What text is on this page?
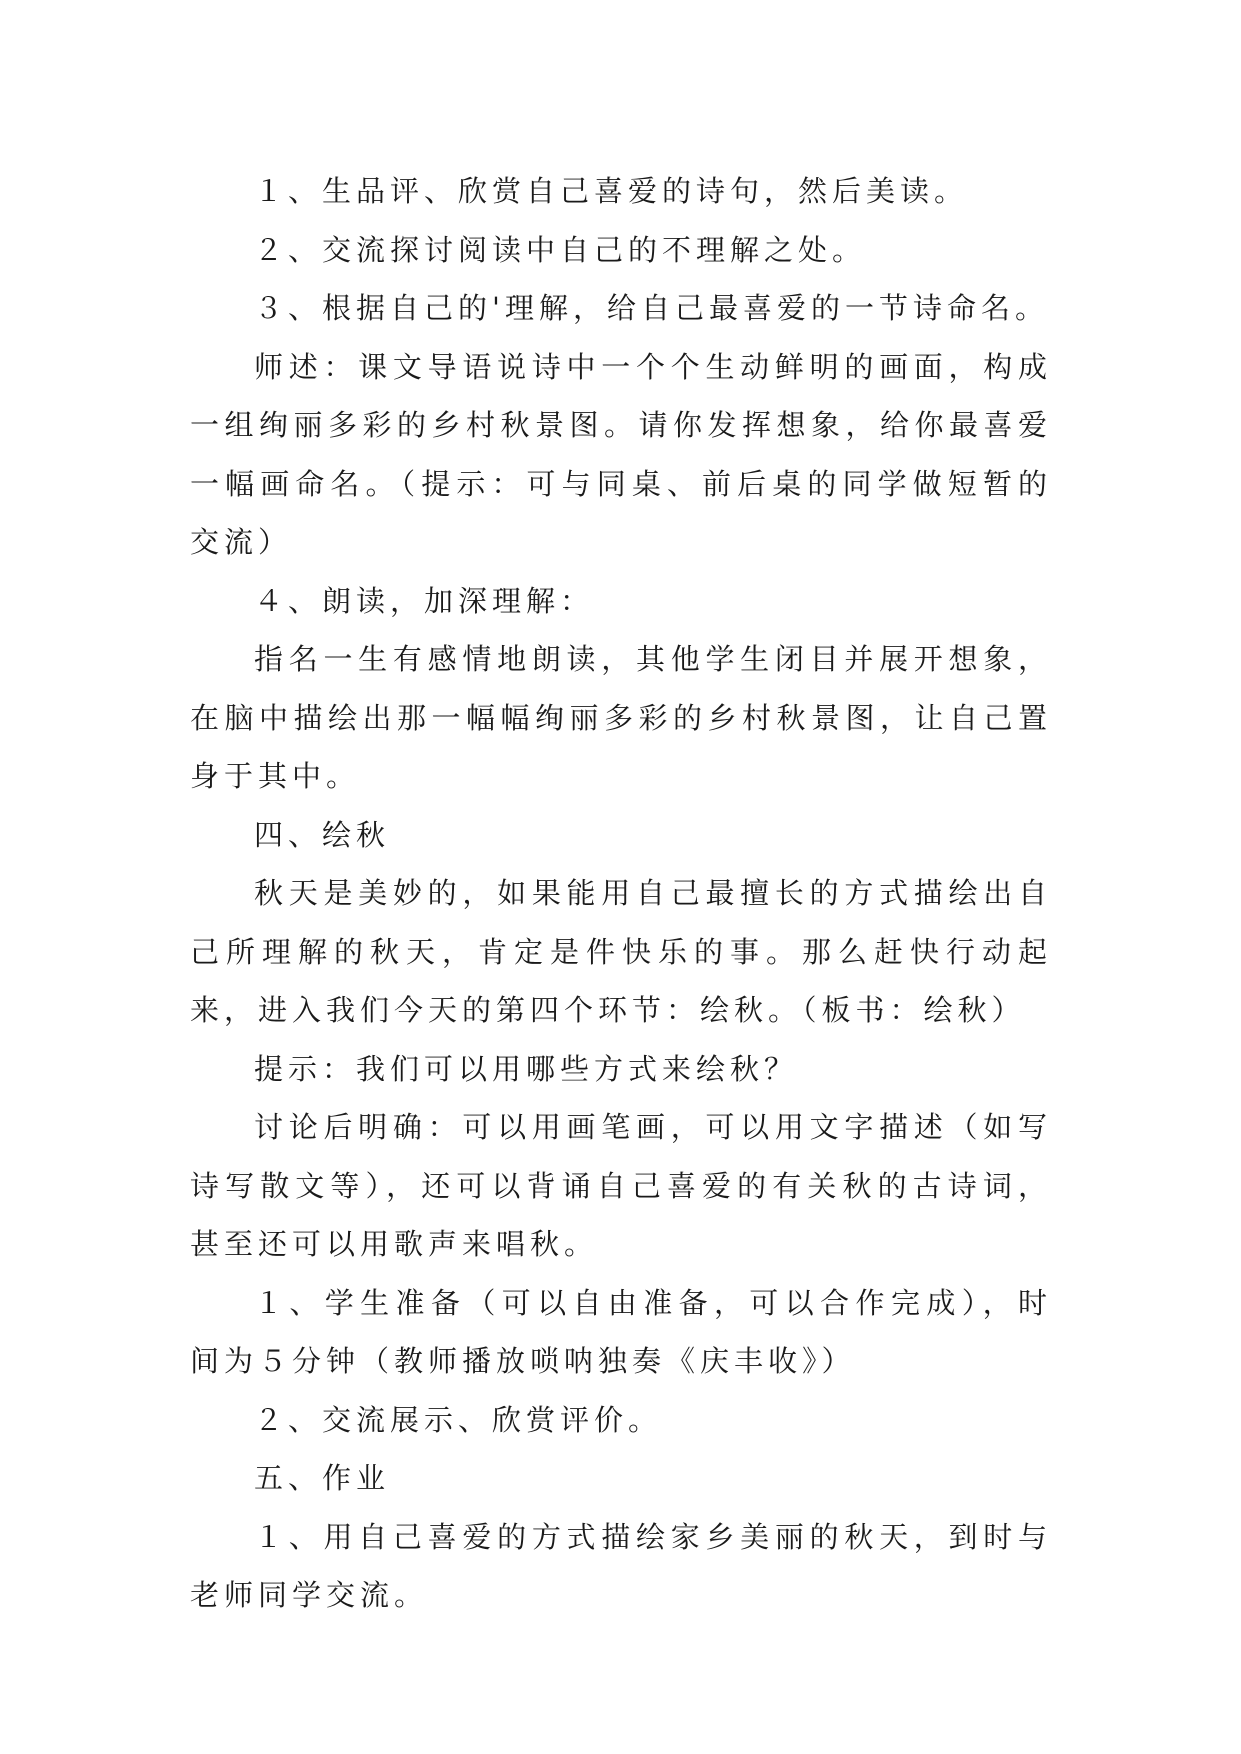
１、生品评、欣赏自己喜爱的诗句，然后美读。

２、交流探讨阅读中自己的不理解之处。

３、根据自己的'理解，给自己最喜爱的一节诗命名。

师述：课文导语说诗中一个个生动鲜明的画面，构成一组绚丽多彩的乡村秋景图。请你发挥想象，给你最喜爱一幅画命名。（提示：可与同桌、前后桌的同学做短暂的交流）

４、朗读，加深理解：

指名一生有感情地朗读，其他学生闭目并展开想象，在脑中描绘出那一幅幅绚丽多彩的乡村秋景图，让自己置身于其中。

四、绘秋

秋天是美妙的，如果能用自己最擅长的方式描绘出自己所理解的秋天，肯定是件快乐的事。那么赶快行动起来，进入我们今天的第四个环节：绘秋。（板书：绘秋）

提示：我们可以用哪些方式来绘秋？

讨论后明确：可以用画笔画，可以用文字描述（如写诗写散文等），还可以背诵自己喜爱的有关秋的古诗词，甚至还可以用歌声来唱秋。

１、学生准备（可以自由准备，可以合作完成），时间为５分钟（教师播放唢呐独奏《庆丰收》）

２、交流展示、欣赏评价。

五、作业

１、用自己喜爱的方式描绘家乡美丽的秋天，到时与老师同学交流。
